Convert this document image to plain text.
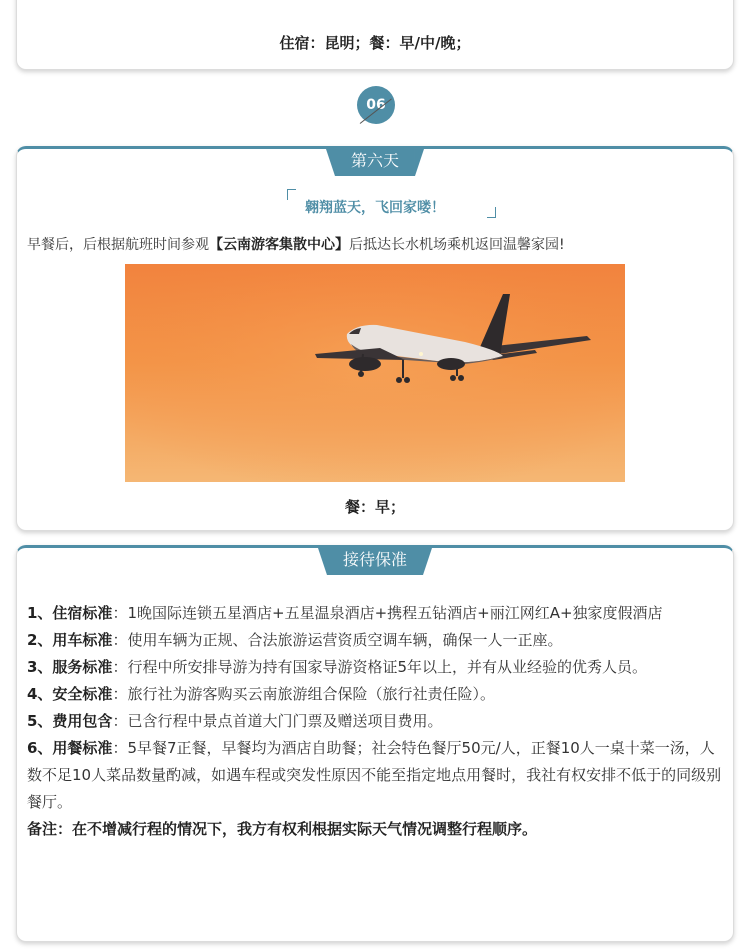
住宿：昆明；餐：早/中/晚；
06
第六天
翱翔蓝天，飞回家喽！
早餐后，后根据航班时间参观【云南游客集散中心】后抵达长水机场乘机返回温馨家园!
餐：早；
接待保准

1、住宿标准：1晚国际连锁五星酒店+五星温泉酒店+携程五钻酒店+丽江网红A+独家度假酒店

2、用车标准：使用车辆为正规、合法旅游运营资质空调车辆，确保一人一正座。

3、服务标准：行程中所安排导游为持有国家导游资格证5年以上，并有从业经验的优秀人员。

4、安全标准：旅行社为游客购买云南旅游组合保险（旅行社责任险）。

5、费用包含：已含行程中景点首道大门门票及赠送项目费用。

6、用餐标准：5早餐7正餐，早餐均为酒店自助餐；社会特色餐厅50元/人，正餐10人一桌十菜一汤，人数不足10人菜品数量酌减，如遇车程或突发性原因不能至指定地点用餐时，我社有权安排不低于的同级别餐厅。

备注：在不增减行程的情况下，我方有权利根据实际天气情况调整行程顺序。
